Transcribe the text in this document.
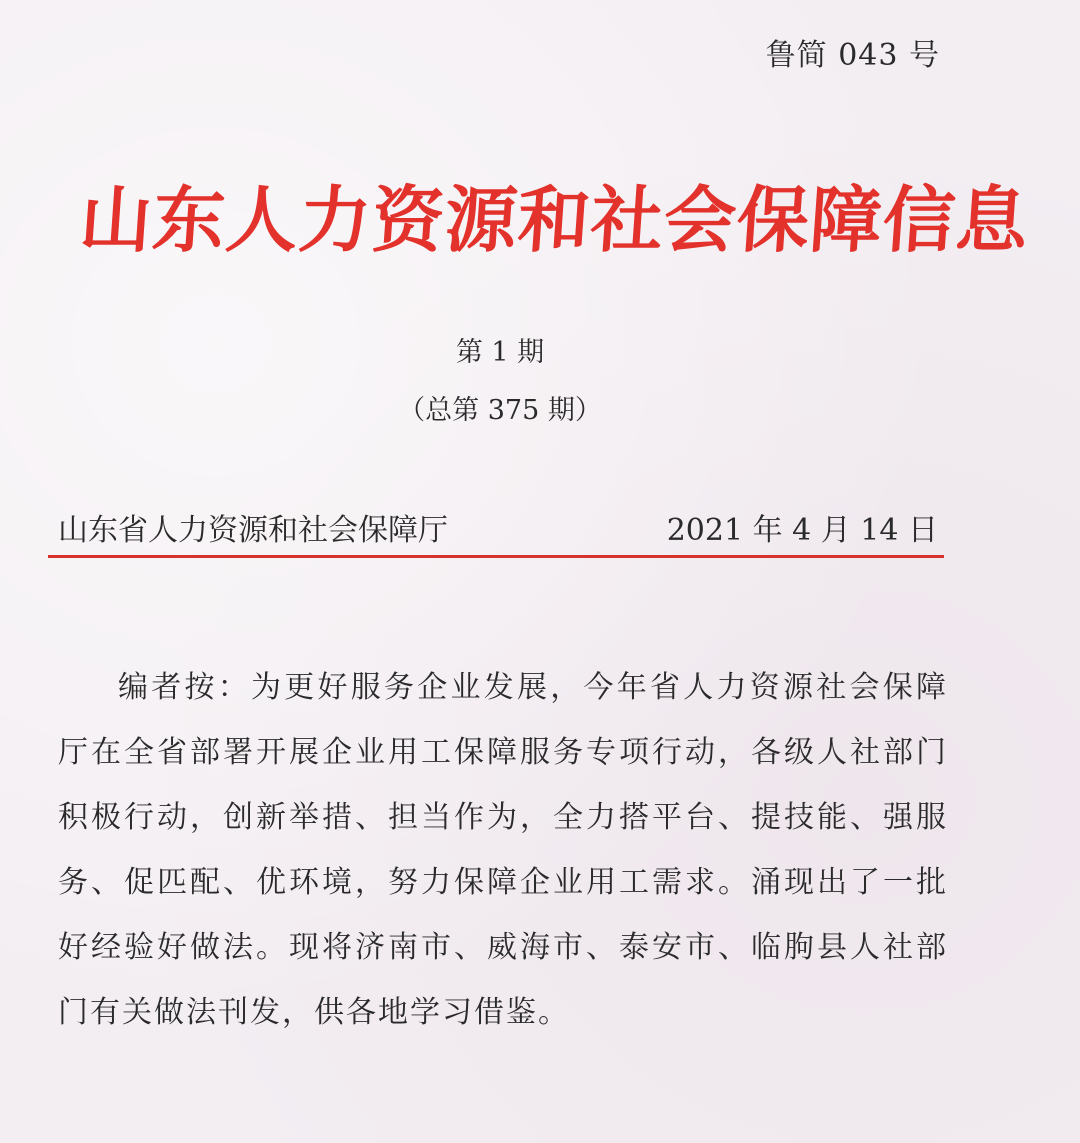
鲁简 043 号
山东人力资源和社会保障信息
第 1 期
（总第 375 期）
山东省人力资源和社会保障厅	2021 年 4 月 14 日
编者按：为更好服务企业发展，今年省人力资源社会保障厅在全省部署开展企业用工保障服务专项行动，各级人社部门积极行动，创新举措、担当作为，全力搭平台、提技能、强服务、促匹配、优环境，努力保障企业用工需求。涌现出了一批好经验好做法。现将济南市、威海市、泰安市、临朐县人社部门有关做法刊发，供各地学习借鉴。
